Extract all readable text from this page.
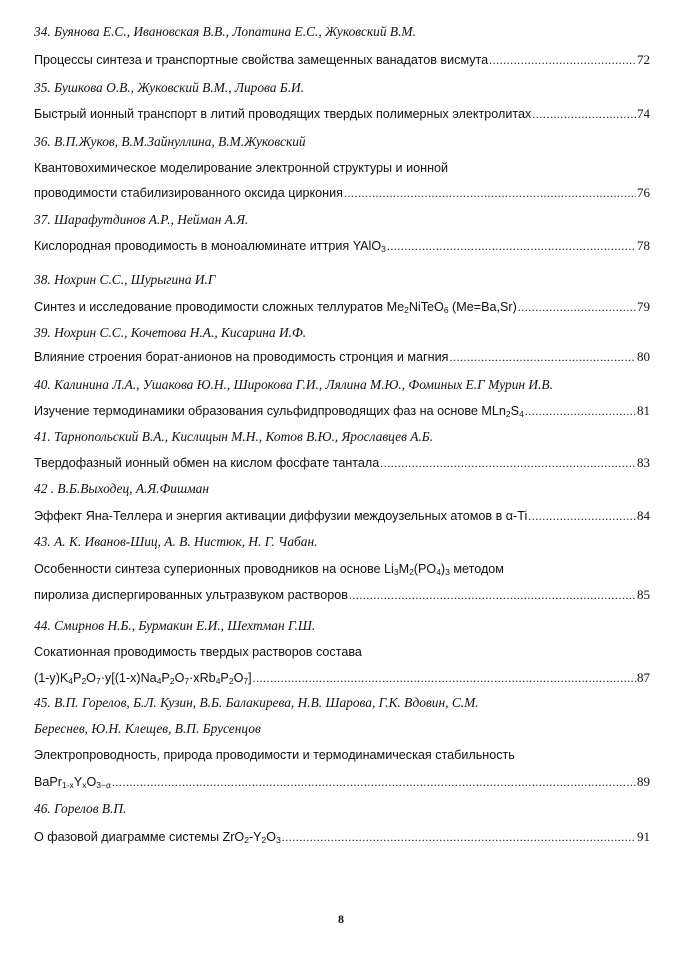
34. Буянова Е.С., Ивановская В.В., Лопатина Е.С., Жуковский В.М.
Процессы синтеза и транспортные свойства замещенных ванадатов висмута .....	72
35. Бушкова О.В., Жуковский В.М., Лирова Б.И.
Быстрый ионный транспорт в литий проводящих твердых полимерных электролитах .....	74
36. В.П.Жуков, В.М.Зайнуллина, В.М.Жуковский
Квантовохимическое моделирование электронной структуры и ионной
проводимости стабилизированного оксида циркония .....	76
37. Шарафутдинов А.Р., Нейман А.Я.
Кислородная проводимость в моноалюминате иттрия YAlO$_3$ .....	78
38. Нохрин С.С., Шурыгина И.Г
Синтез и исследование проводимости сложных теллуратов $Me_2NiTeO_6$ (Me=Ba,Sr) .....	79
39. Нохрин С.С., Кочетова Н.А., Кисарина И.Ф.
Влияние строения борат-анионов на проводимость стронция и магния .....	80
40. Калинина Л.А., Ушакова Ю.Н., Широкова Г.И., Лялина М.Ю., Фоминых Е.Г Мурин И.В.
Изучение термодинамики образования сульфидпроводящих фаз на основе $MLn_2S_4$ .....	81
41. Тарнопольский В.А., Кислицын М.Н., Котов В.Ю., Ярославцев А.Б.
Твердофазный ионный обмен на кислом фосфате тантала .....	83
42 . В.Б.Выходец, А.Я.Фишман
Эффект Яна-Теллера и энергия активации диффузии междоузельных атомов в α-Ti .....	84
43. А. К. Иванов-Шиц, А. В. Нистюк, Н. Г. Чабан.
Особенности синтеза суперионных проводников на основе $Li_3M_2(PO_4)_3$ методом
пиролиза диспергированных ультразвуком растворов .....	85
44. Смирнов Н.Б., Бурмакин Е.И., Шехтман Г.Ш.
Сокатионная проводимость твердых растворов состава
$(1-y)K_4P_2O_7\cdot y[(1-x)Na_4P_2O_7\cdot xRb_4P_2O_7]$ .....	87
45. В.П. Горелов, Б.Л. Кузин, В.Б. Балакирева, Н.В. Шарова, Г.К. Вдовин, С.М.
Береснев, Ю.Н. Клещев, В.П. Брусенцов
Электропроводность, природа проводимости и термодинамическая стабильность
$BaPr_{1-x}Y_xO_{3-\alpha}$ .....	89
46. Горелов В.П.
О фазовой диаграмме системы $ZrO_2-Y_2O_3$ .....	91
8
